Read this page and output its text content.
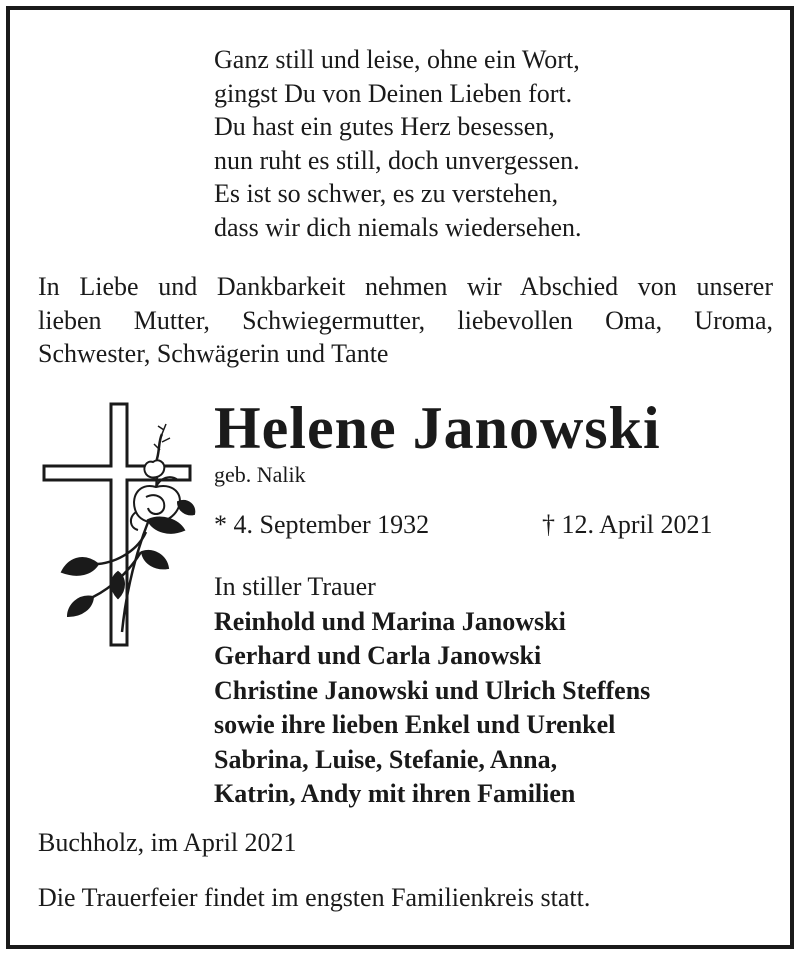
Ganz still und leise, ohne ein Wort,
gingst Du von Deinen Lieben fort.
Du hast ein gutes Herz besessen,
nun ruht es still, doch unvergessen.
Es ist so schwer, es zu verstehen,
dass wir dich niemals wiedersehen.
In Liebe und Dankbarkeit nehmen wir Abschied von unserer
lieben Mutter, Schwiegermutter, liebevollen Oma, Uroma,
Schwester, Schwägerin und Tante
Helene Janowski
geb. Nalik
* 4. September 1932	† 12. April 2021
In stiller Trauer
Reinhold und Marina Janowski
Gerhard und Carla Janowski
Christine Janowski und Ulrich Steffens
sowie ihre lieben Enkel und Urenkel
Sabrina, Luise, Stefanie, Anna,
Katrin, Andy mit ihren Familien
Buchholz, im April 2021
Die Trauerfeier findet im engsten Familienkreis statt.
